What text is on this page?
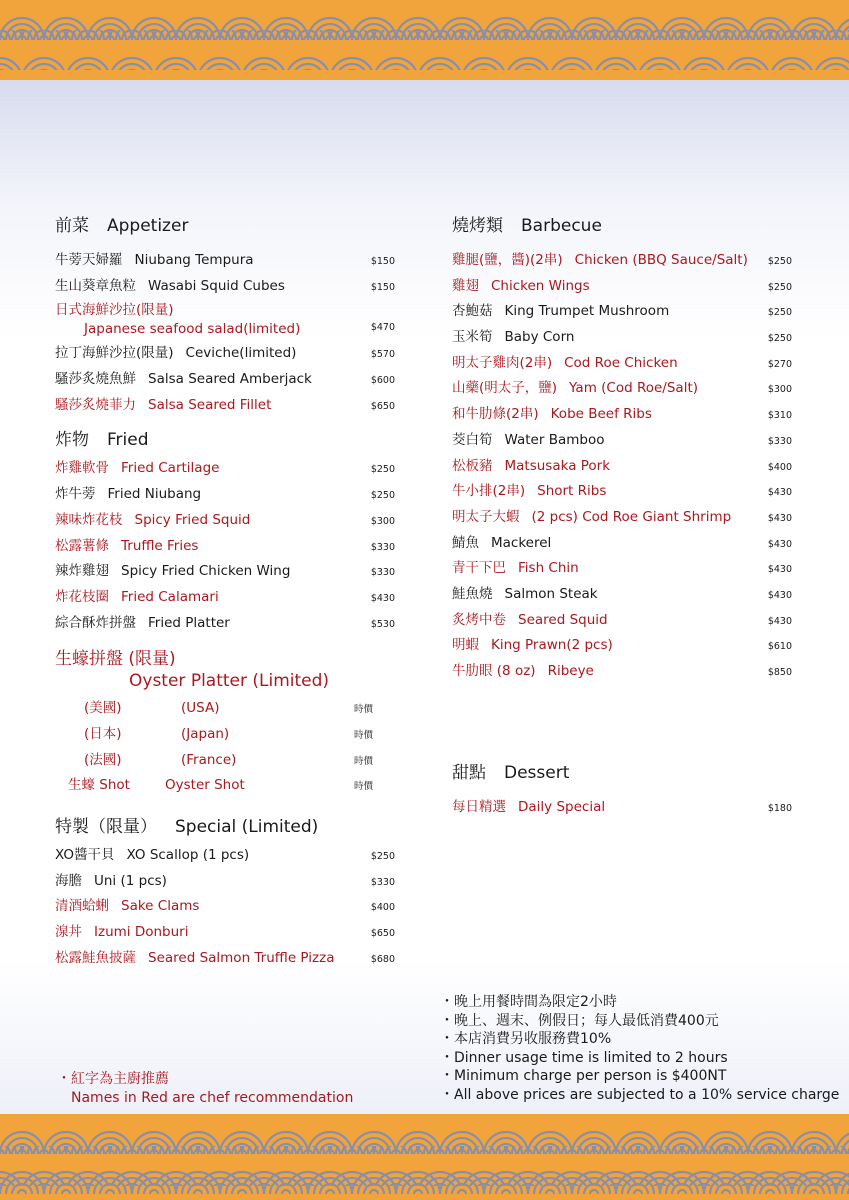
前菜 Appetizer
牛蒡天婦羅 Niubang Tempura	$150
生山葵章魚粒 Wasabi Squid Cubes	$150
日式海鮮沙拉(限量)
Japanese seafood salad(limited)	$470
拉丁海鮮沙拉(限量) Ceviche(limited)	$570
騷莎炙燒魚鮮 Salsa Seared Amberjack	$600
騷莎炙燒菲力 Salsa Seared Fillet	$650
炸物 Fried
炸雞軟骨 Fried Cartilage	$250
炸牛蒡 Fried Niubang	$250
辣味炸花枝 Spicy Fried Squid	$300
松露薯條 Truffle Fries	$330
辣炸雞翅 Spicy Fried Chicken Wing	$330
炸花枝圈 Fried Calamari	$430
綜合酥炸拼盤 Fried Platter	$530
生蠔拼盤 (限量)
Oyster Platter (Limited)
(美國)	(USA)	時價
(日本)	(Japan)	時價
(法國)	(France)	時價
生蠔 Shot	Oyster Shot	時價
特製（限量） Special (Limited)
XO醬干貝 XO Scallop (1 pcs)	$250
海膽 Uni (1 pcs)	$330
清酒蛤蜊 Sake Clams	$400
湶丼 Izumi Donburi	$650
松露鮭魚披薩 Seared Salmon Truffle Pizza	$680
燒烤類 Barbecue
雞腿(鹽，醬)(2串) Chicken (BBQ Sauce/Salt) $250
雞翅 Chicken Wings	$250
杏鮑菇 King Trumpet Mushroom	$250
玉米筍 Baby Corn	$250
明太子雞肉(2串) Cod Roe Chicken	$270
山藥(明太子，鹽) Yam (Cod Roe/Salt)	$300
和牛肋條(2串) Kobe Beef Ribs	$310
茭白筍 Water Bamboo	$330
松板豬 Matsusaka Pork	$400
牛小排(2串) Short Ribs	$430
明太子大蝦 (2 pcs) Cod Roe Giant Shrimp	$430
鯖魚 Mackerel	$430
青干下巴 Fish Chin	$430
鮭魚燒 Salmon Steak	$430
炙烤中卷 Seared Squid	$430
明蝦 King Prawn(2 pcs)	$610
牛肋眼 (8 oz) Ribeye	$850
甜點 Dessert
每日精選 Daily Special	$180
・晚上用餐時間為限定2小時
・晚上、週末、例假日；每人最低消費400元
・本店消費另收服務費10%
・Dinner usage time is limited to 2 hours
・Minimum charge per person is $400NT
・All above prices are subjected to a 10% service charge
・紅字為主廚推薦
Names in Red are chef recommendation
